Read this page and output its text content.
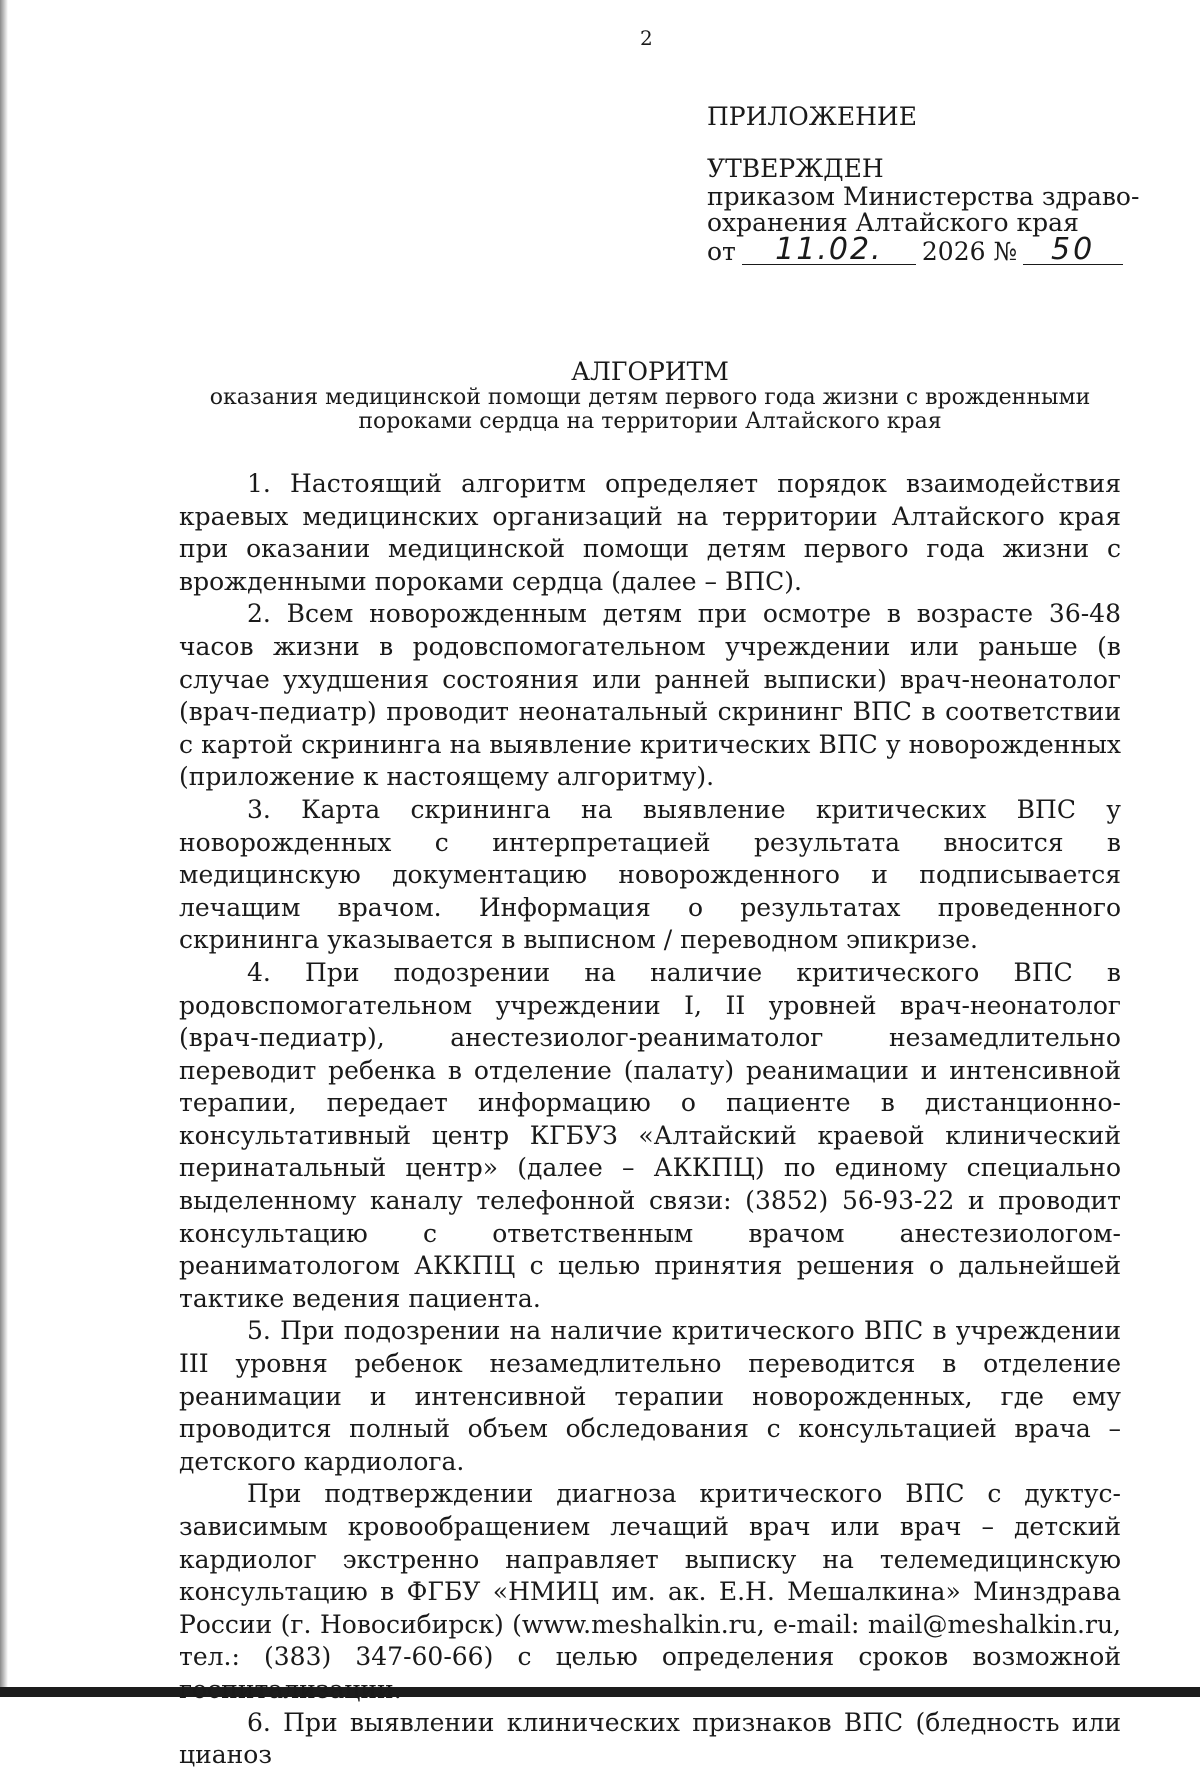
2

ПРИЛОЖЕНИЕ

УТВЕРЖДЕН

приказом Министерства здраво-

охранения Алтайского края

от	11.02.	2026 №	50

АЛГОРИТМ
оказания медицинской помощи детям первого года жизни с врожденными
пороками сердца на территории Алтайского края

1. Настоящий алгоритм определяет порядок взаимодействия краевых медицинских организаций на территории Алтайского края при оказании медицинской помощи детям первого года жизни с врожденными пороками сердца (далее – ВПС).

2. Всем новорожденным детям при осмотре в возрасте 36-48 часов жизни в родовспомогательном учреждении или раньше (в случае ухудшения состояния или ранней выписки) врач-неонатолог (врач-педиатр) проводит неонатальный скрининг ВПС в соответствии с картой скрининга на выявление критических ВПС у новорожденных (приложение к настоящему алгоритму).

3. Карта скрининга на выявление критических ВПС у новорожденных с интерпретацией результата вносится в медицинскую документацию новорожденного и подписывается лечащим врачом. Информация о результатах проведенного скрининга указывается в выписном / переводном эпикризе.

4. При подозрении на наличие критического ВПС в родовспомогательном учреждении I, II уровней врач-неонатолог (врач-педиатр), анестезиолог-реаниматолог незамедлительно переводит ребенка в отделение (палату) реанимации и интенсивной терапии, передает информацию о пациенте в дистанционно-консультативный центр КГБУЗ «Алтайский краевой клинический перинатальный центр» (далее – АККПЦ) по единому специально выделенному каналу телефонной связи: (3852) 56-93-22 и проводит консультацию с ответственным врачом анестезиологом-реаниматологом АККПЦ с целью принятия решения о дальнейшей тактике ведения пациента.

5. При подозрении на наличие критического ВПС в учреждении III уровня ребенок незамедлительно переводится в отделение реанимации и интенсивной терапии новорожденных, где ему проводится полный объем обследования с консультацией врача – детского кардиолога.

При подтверждении диагноза критического ВПС с дуктус-зависимым кровообращением лечащий врач или врач – детский кардиолог экстренно направляет выписку на телемедицинскую консультацию в ФГБУ «НМИЦ им. ак. Е.Н. Мешалкина» Минздрава России (г. Новосибирск) (www.meshalkin.ru, e-mail: mail@meshalkin.ru, тел.: (383) 347-60-66) с целью определения сроков возможной госпитализации.

6. При выявлении клинических признаков ВПС (бледность или цианоз
